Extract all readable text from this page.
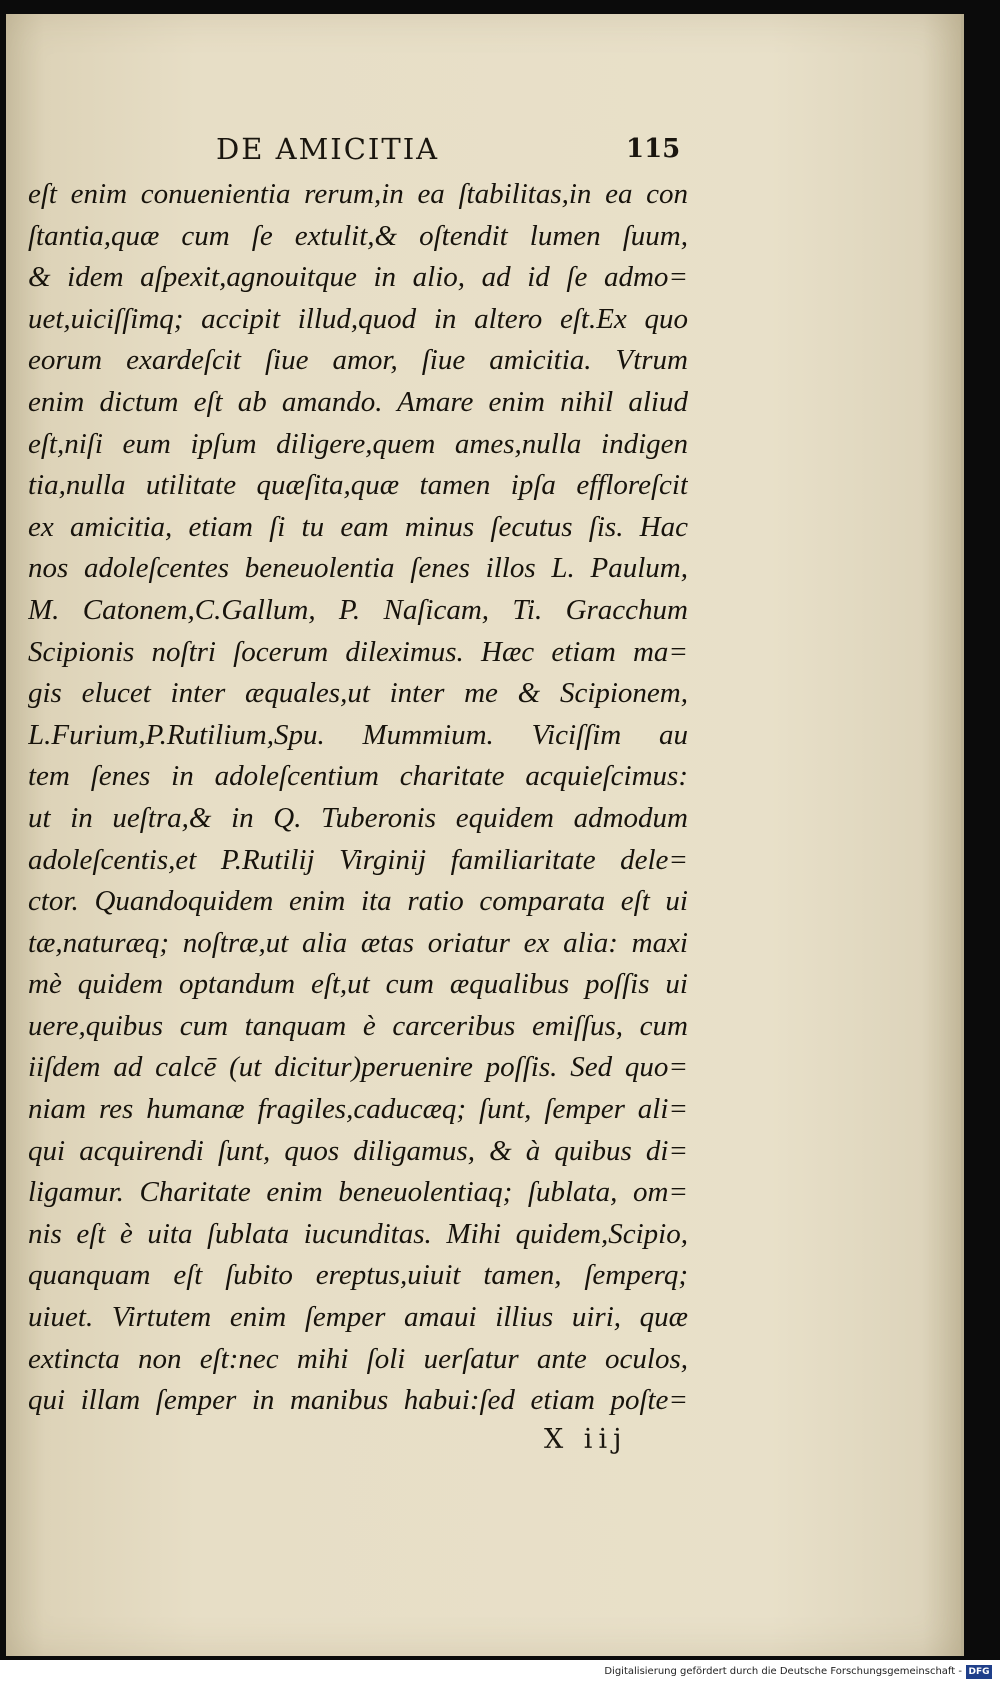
DE AMICITIA	115
eſt enim conuenientia rerum,in ea ſtabilitas,in ea con
ſtantia,quæ cum ſe extulit,& oſtendit lumen ſuum,
& idem aſpexit,agnouitque in alio, ad id ſe admo=
uet,uiciſſimq; accipit illud,quod in altero eſt.Ex quo
eorum exardeſcit ſiue amor, ſiue amicitia. Vtrum
enim dictum eſt ab amando. Amare enim nihil aliud
eſt,niſi eum ipſum diligere,quem ames,nulla indigen
tia,nulla utilitate quæſita,quæ tamen ipſa effloreſcit
ex amicitia, etiam ſi tu eam minus ſecutus ſis. Hac
nos adoleſcentes beneuolentia ſenes illos L. Paulum,
M. Catonem,C.Gallum, P. Naſicam, Ti. Gracchum
Scipionis noſtri ſocerum dileximus. Hæc etiam ma=
gis elucet inter æquales,ut inter me & Scipionem,
L.Furium,P.Rutilium,Spu. Mummium. Viciſſim au
tem ſenes in adoleſcentium charitate acquieſcimus:
ut in ueſtra,& in Q. Tuberonis equidem admodum
adoleſcentis,et P.Rutilij Virginij familiaritate dele=
ctor. Quandoquidem enim ita ratio comparata eſt ui
tæ,naturæq; noſtræ,ut alia ætas oriatur ex alia: maxi
mè quidem optandum eſt,ut cum æqualibus poſſis ui
uere,quibus cum tanquam è carceribus emiſſus, cum
iiſdem ad calcē (ut dicitur)peruenire poſſis. Sed quo=
niam res humanæ fragiles,caducæq; ſunt, ſemper ali=
qui acquirendi ſunt, quos diligamus, & à quibus di=
ligamur. Charitate enim beneuolentiaq; ſublata, om=
nis eſt è uita ſublata iucunditas. Mihi quidem,Scipio,
quanquam eſt ſubito ereptus,uiuit tamen, ſemperq;
uiuet. Virtutem enim ſemper amaui illius uiri, quæ
extincta non eſt:nec mihi ſoli uerſatur ante oculos,
qui illam ſemper in manibus habui:ſed etiam poſte=
X iij
Digitalisierung gefördert durch die Deutsche Forschungsgemeinschaft - DFG
